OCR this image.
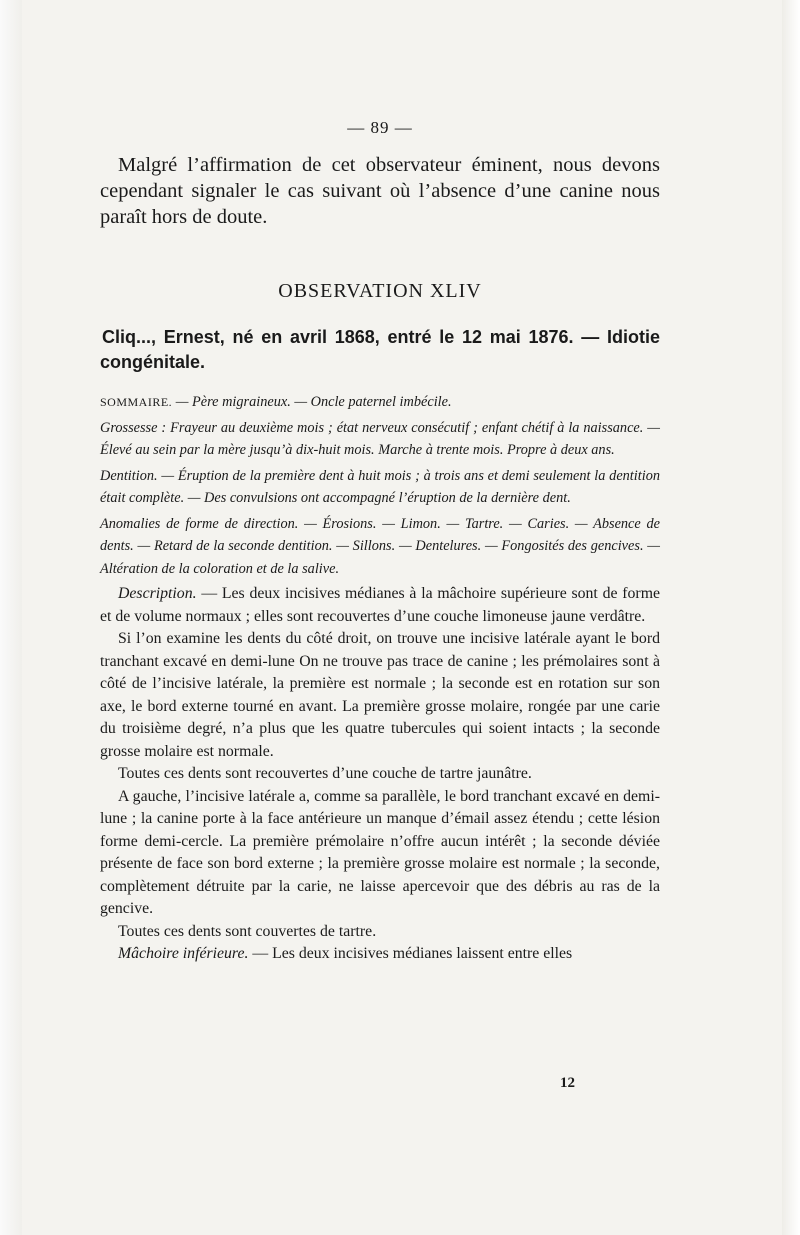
— 89 —

Malgré l’affirmation de cet observateur éminent, nous devons cependant signaler le cas suivant où l’absence d’une canine nous paraît hors de doute.

OBSERVATION XLIV

Cliq..., Ernest, né en avril 1868, entré le 12 mai 1876. — Idiotie congénitale.

SOMMAIRE. — Père migraineux. — Oncle paternel imbécile.

Grossesse : Frayeur au deuxième mois ; état nerveux consécutif ; enfant chétif à la naissance. — Élevé au sein par la mère jusqu’à dix-huit mois. Marche à trente mois. Propre à deux ans.

Dentition. — Éruption de la première dent à huit mois ; à trois ans et demi seulement la dentition était complète. — Des convulsions ont accompagné l’éruption de la dernière dent.

Anomalies de forme de direction. — Érosions. — Limon. — Tartre. — Caries. — Absence de dents. — Retard de la seconde dentition. — Sillons. — Dentelures. — Fongosités des gencives. — Altération de la coloration et de la salive.

Description. — Les deux incisives médianes à la mâchoire supérieure sont de forme et de volume normaux ; elles sont recouvertes d’une couche limoneuse jaune verdâtre.

Si l’on examine les dents du côté droit, on trouve une incisive latérale ayant le bord tranchant excavé en demi-lune On ne trouve pas trace de canine ; les prémolaires sont à côté de l’incisive latérale, la première est normale ; la seconde est en rotation sur son axe, le bord externe tourné en avant. La première grosse molaire, rongée par une carie du troisième degré, n’a plus que les quatre tubercules qui soient intacts ; la seconde grosse molaire est normale.

Toutes ces dents sont recouvertes d’une couche de tartre jaunâtre.

A gauche, l’incisive latérale a, comme sa parallèle, le bord tranchant excavé en demi-lune ; la canine porte à la face antérieure un manque d’émail assez étendu ; cette lésion forme demi-cercle. La première prémolaire n’offre aucun intérêt ; la seconde déviée présente de face son bord externe ; la première grosse molaire est normale ; la seconde, complètement détruite par la carie, ne laisse apercevoir que des débris au ras de la gencive.

Toutes ces dents sont couvertes de tartre.

Mâchoire inférieure. — Les deux incisives médianes laissent entre elles

12
